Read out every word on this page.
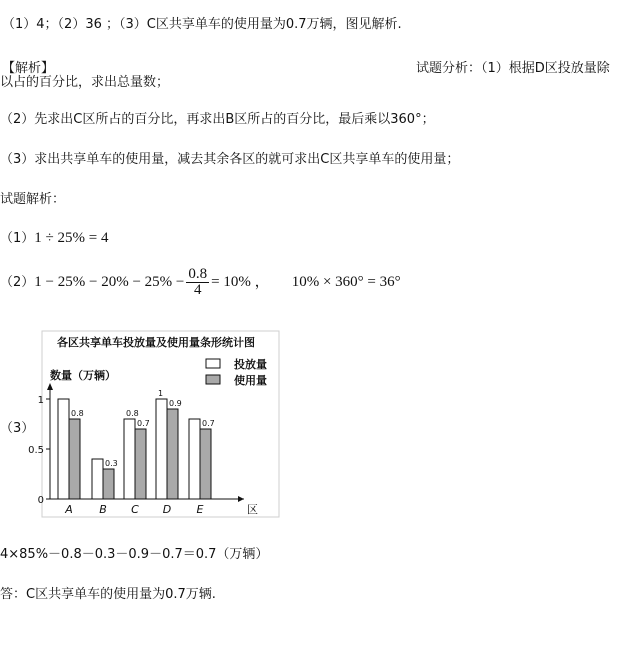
（1）4；（2）36 ；（3）C区共享单车的使用量为0.7万辆，图见解析.
【解析】	试题分析：（1）根据D区投放量除
以占的百分比，求出总量数；
（2）先求出C区所占的百分比，再求出B区所占的百分比，最后乘以360°；
（3）求出共享单车的使用量，减去其余各区的就可求出C区共享单车的使用量；
试题解析：
（1）1 ÷ 25% = 4
$(2)1 - 25\% - 20\% - 25\% - \frac{0.8}{4} = 10\%$ ， 10% × 360° = 36°
（3）
各区共享单车投放量及使用量条形统计图
数量（万辆）
0
0.5
1
0.8
1
0.8
0.3
0.7
0.9
0.7
A B C D E	区
投放量
使用量
4×85%－0.8－0.3－0.9－0.7＝0.7（万辆）
答：C区共享单车的使用量为0.7万辆.
